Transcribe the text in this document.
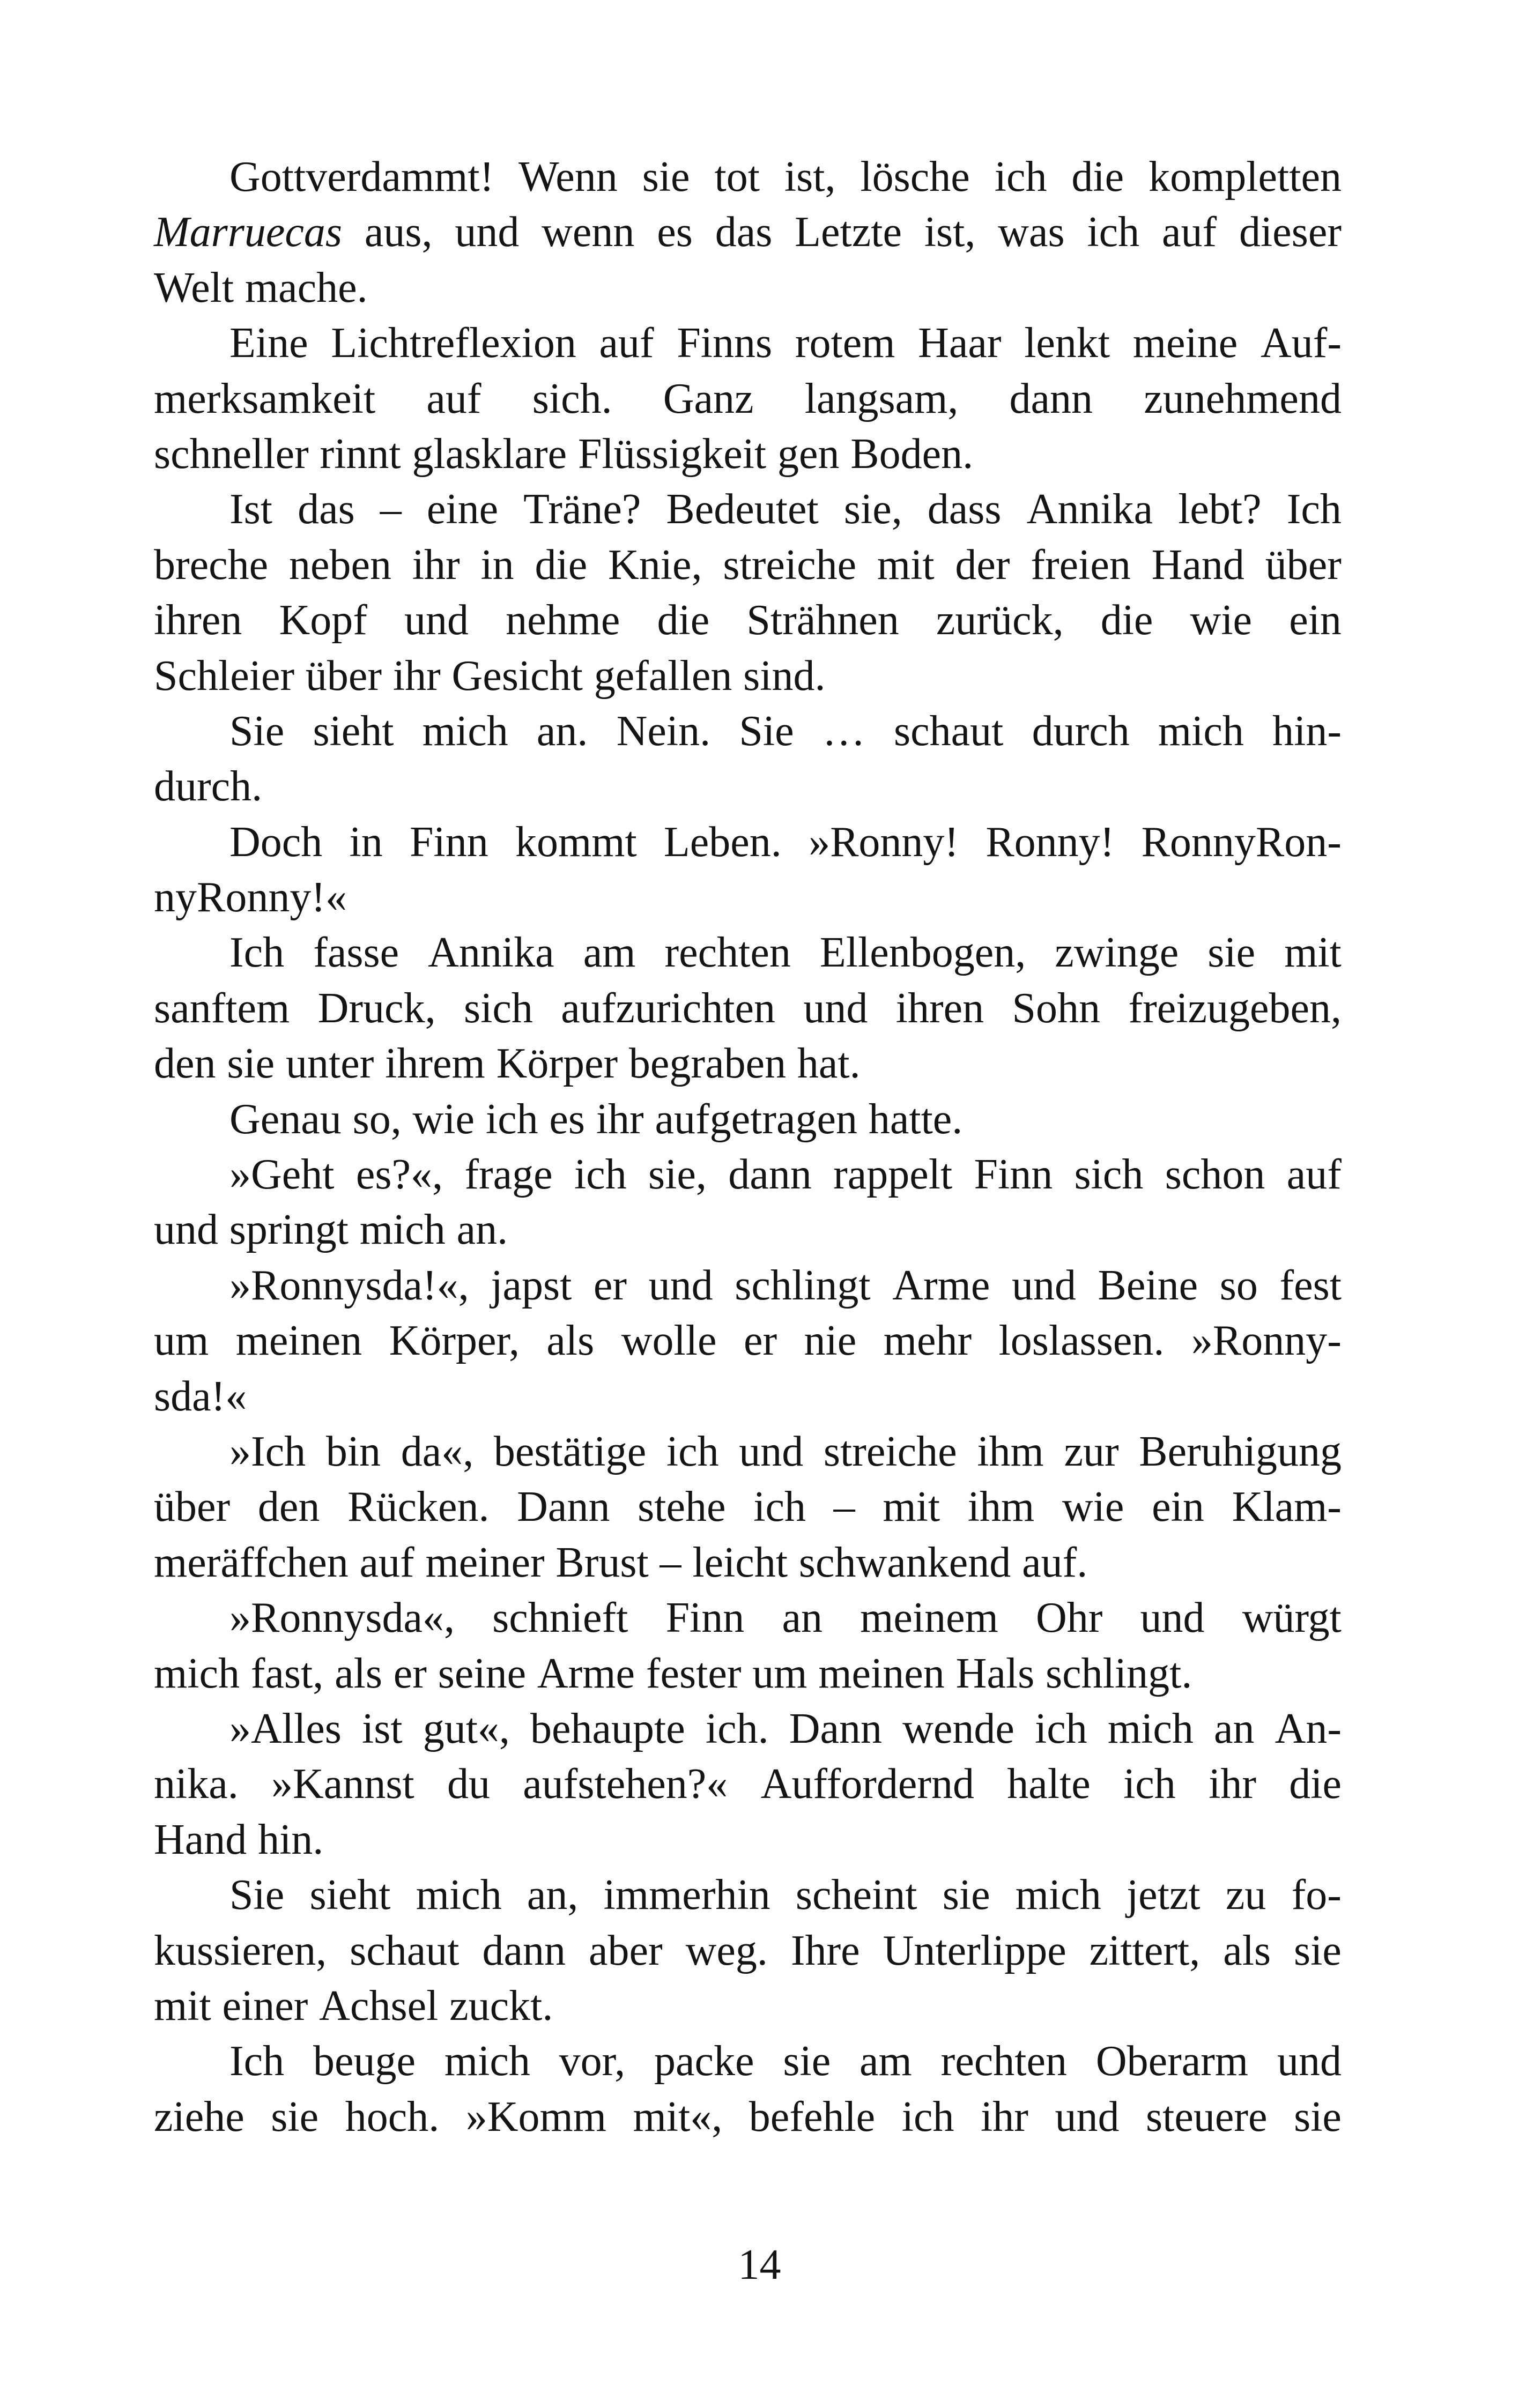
Gottverdammt! Wenn sie tot ist, lösche ich die kompletten
Marruecas aus, und wenn es das Letzte ist, was ich auf dieser
Welt mache.
Eine Lichtreflexion auf Finns rotem Haar lenkt meine Auf-
merksamkeit auf sich. Ganz langsam, dann zunehmend
schneller rinnt glasklare Flüssigkeit gen Boden.
Ist das – eine Träne? Bedeutet sie, dass Annika lebt? Ich
breche neben ihr in die Knie, streiche mit der freien Hand über
ihren Kopf und nehme die Strähnen zurück, die wie ein
Schleier über ihr Gesicht gefallen sind.
Sie sieht mich an. Nein. Sie … schaut durch mich hin-
durch.
Doch in Finn kommt Leben. »Ronny! Ronny! RonnyRon-
nyRonny!«
Ich fasse Annika am rechten Ellenbogen, zwinge sie mit
sanftem Druck, sich aufzurichten und ihren Sohn freizugeben,
den sie unter ihrem Körper begraben hat.
Genau so, wie ich es ihr aufgetragen hatte.
»Geht es?«, frage ich sie, dann rappelt Finn sich schon auf
und springt mich an.
»Ronnysda!«, japst er und schlingt Arme und Beine so fest
um meinen Körper, als wolle er nie mehr loslassen. »Ronny-
sda!«
»Ich bin da«, bestätige ich und streiche ihm zur Beruhigung
über den Rücken. Dann stehe ich – mit ihm wie ein Klam-
meräffchen auf meiner Brust – leicht schwankend auf.
»Ronnysda«, schnieft Finn an meinem Ohr und würgt
mich fast, als er seine Arme fester um meinen Hals schlingt.
»Alles ist gut«, behaupte ich. Dann wende ich mich an An-
nika. »Kannst du aufstehen?« Auffordernd halte ich ihr die
Hand hin.
Sie sieht mich an, immerhin scheint sie mich jetzt zu fo-
kussieren, schaut dann aber weg. Ihre Unterlippe zittert, als sie
mit einer Achsel zuckt.
Ich beuge mich vor, packe sie am rechten Oberarm und
ziehe sie hoch. »Komm mit«, befehle ich ihr und steuere sie
14
